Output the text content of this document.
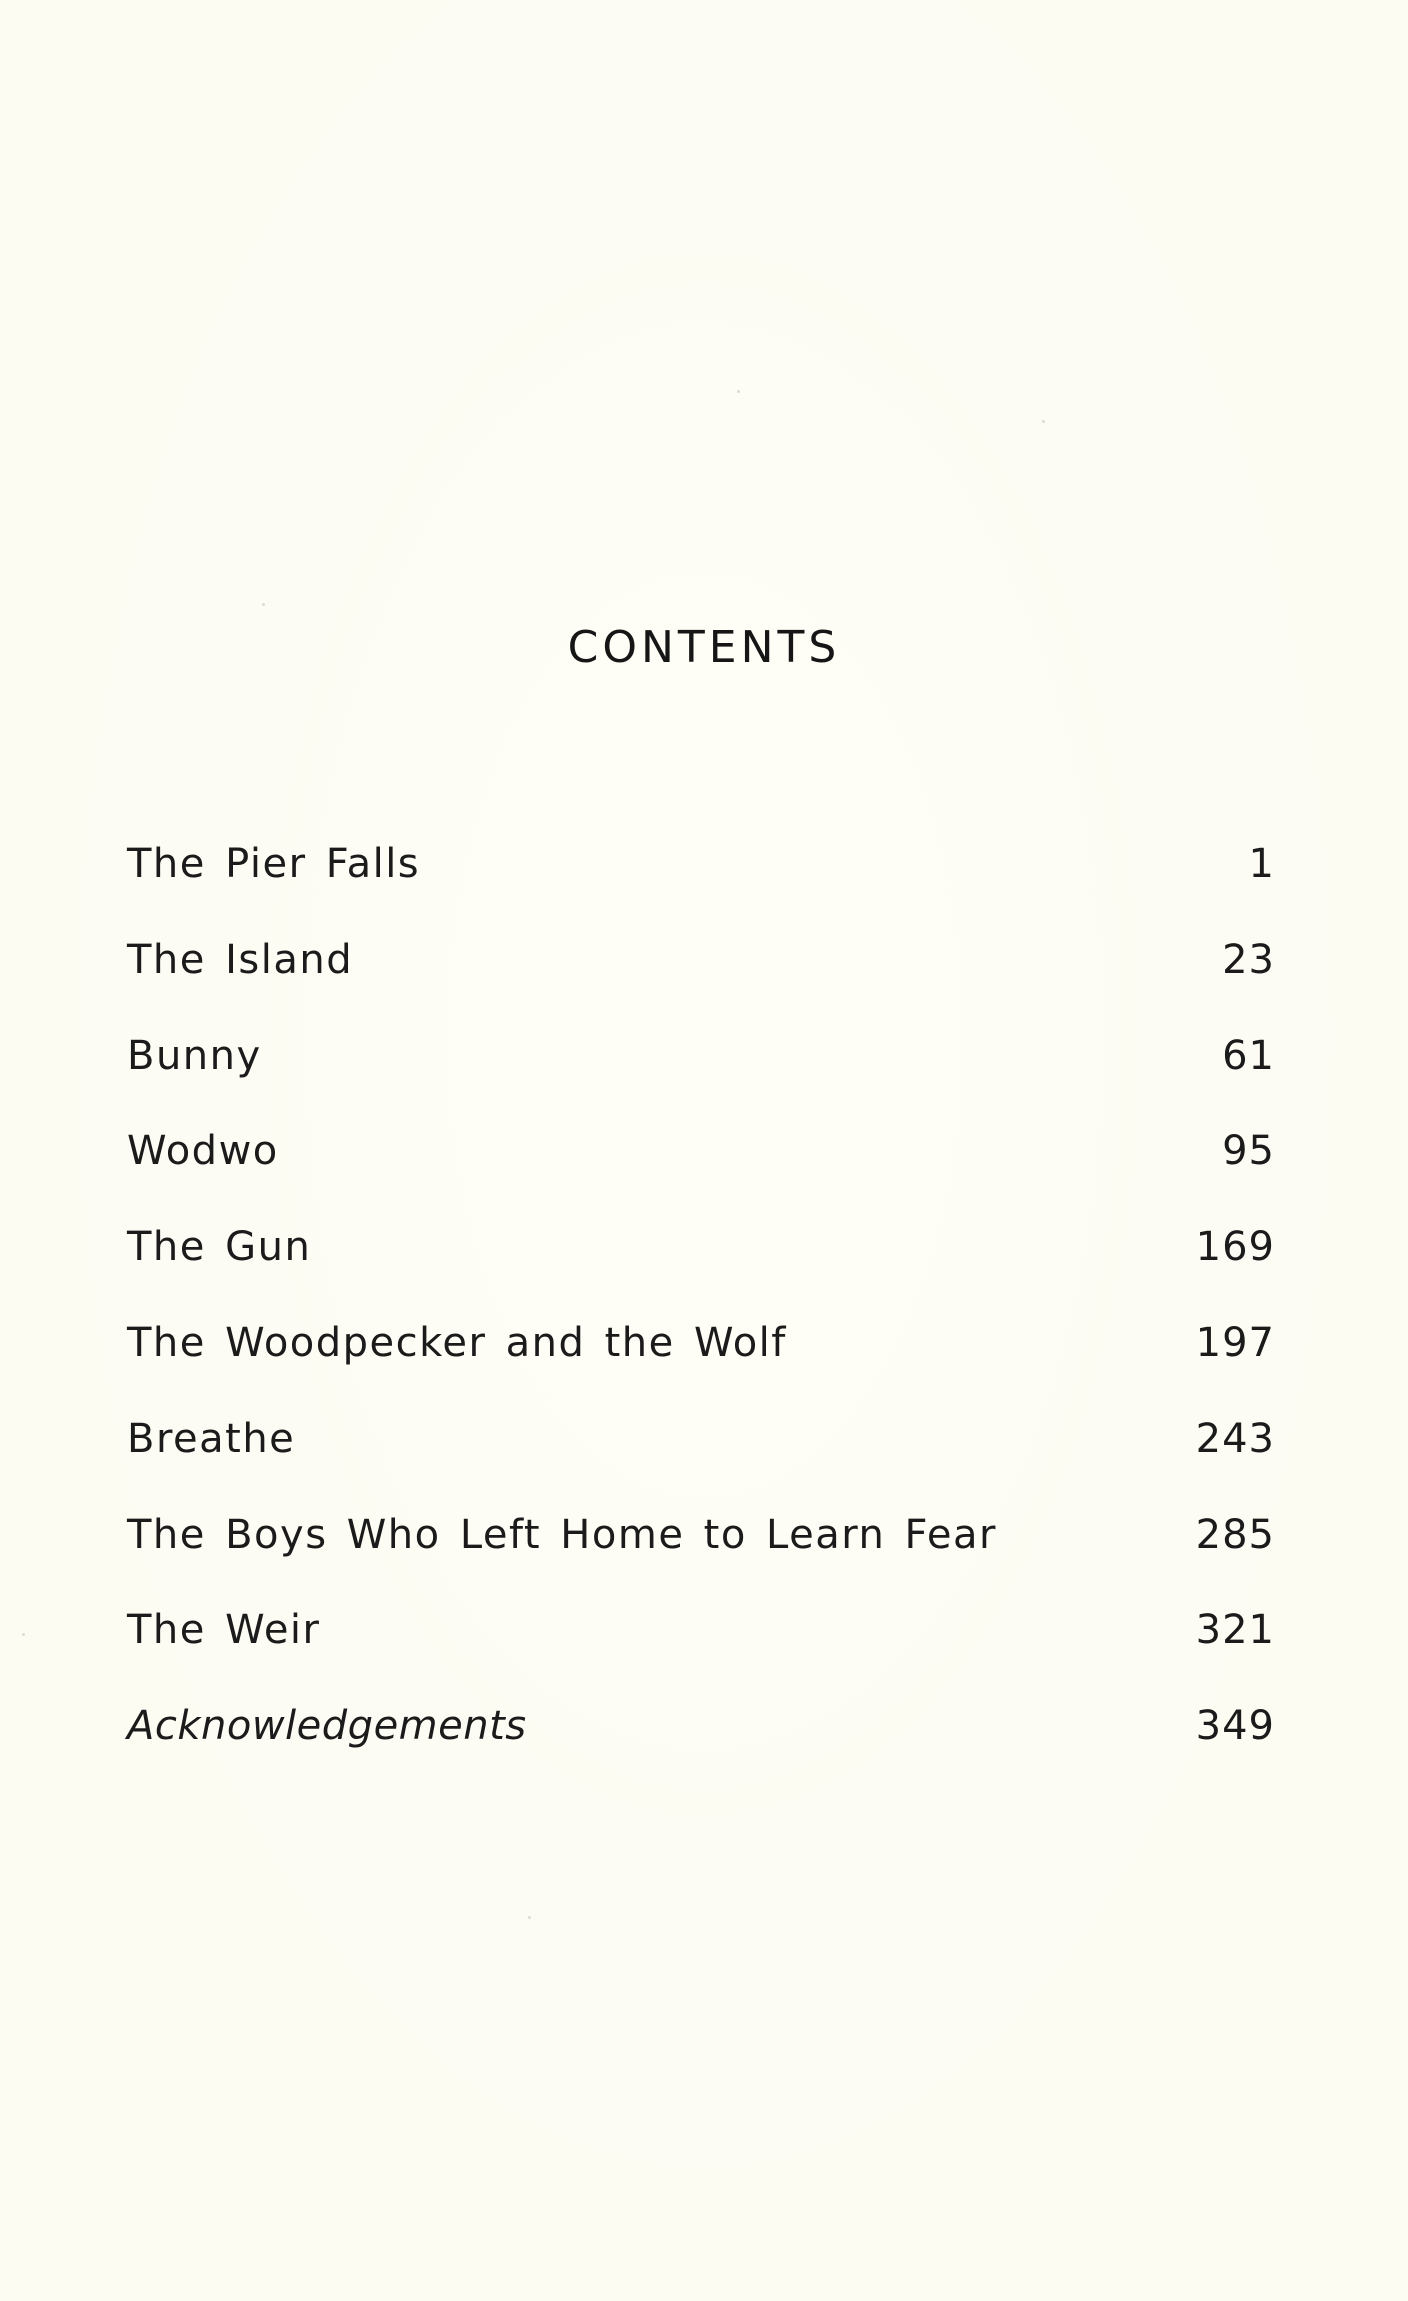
CONTENTS
The Pier Falls	1
The Island	23
Bunny	61
Wodwo	95
The Gun	169
The Woodpecker and the Wolf	197
Breathe	243
The Boys Who Left Home to Learn Fear	285
The Weir	321
Acknowledgements	349
